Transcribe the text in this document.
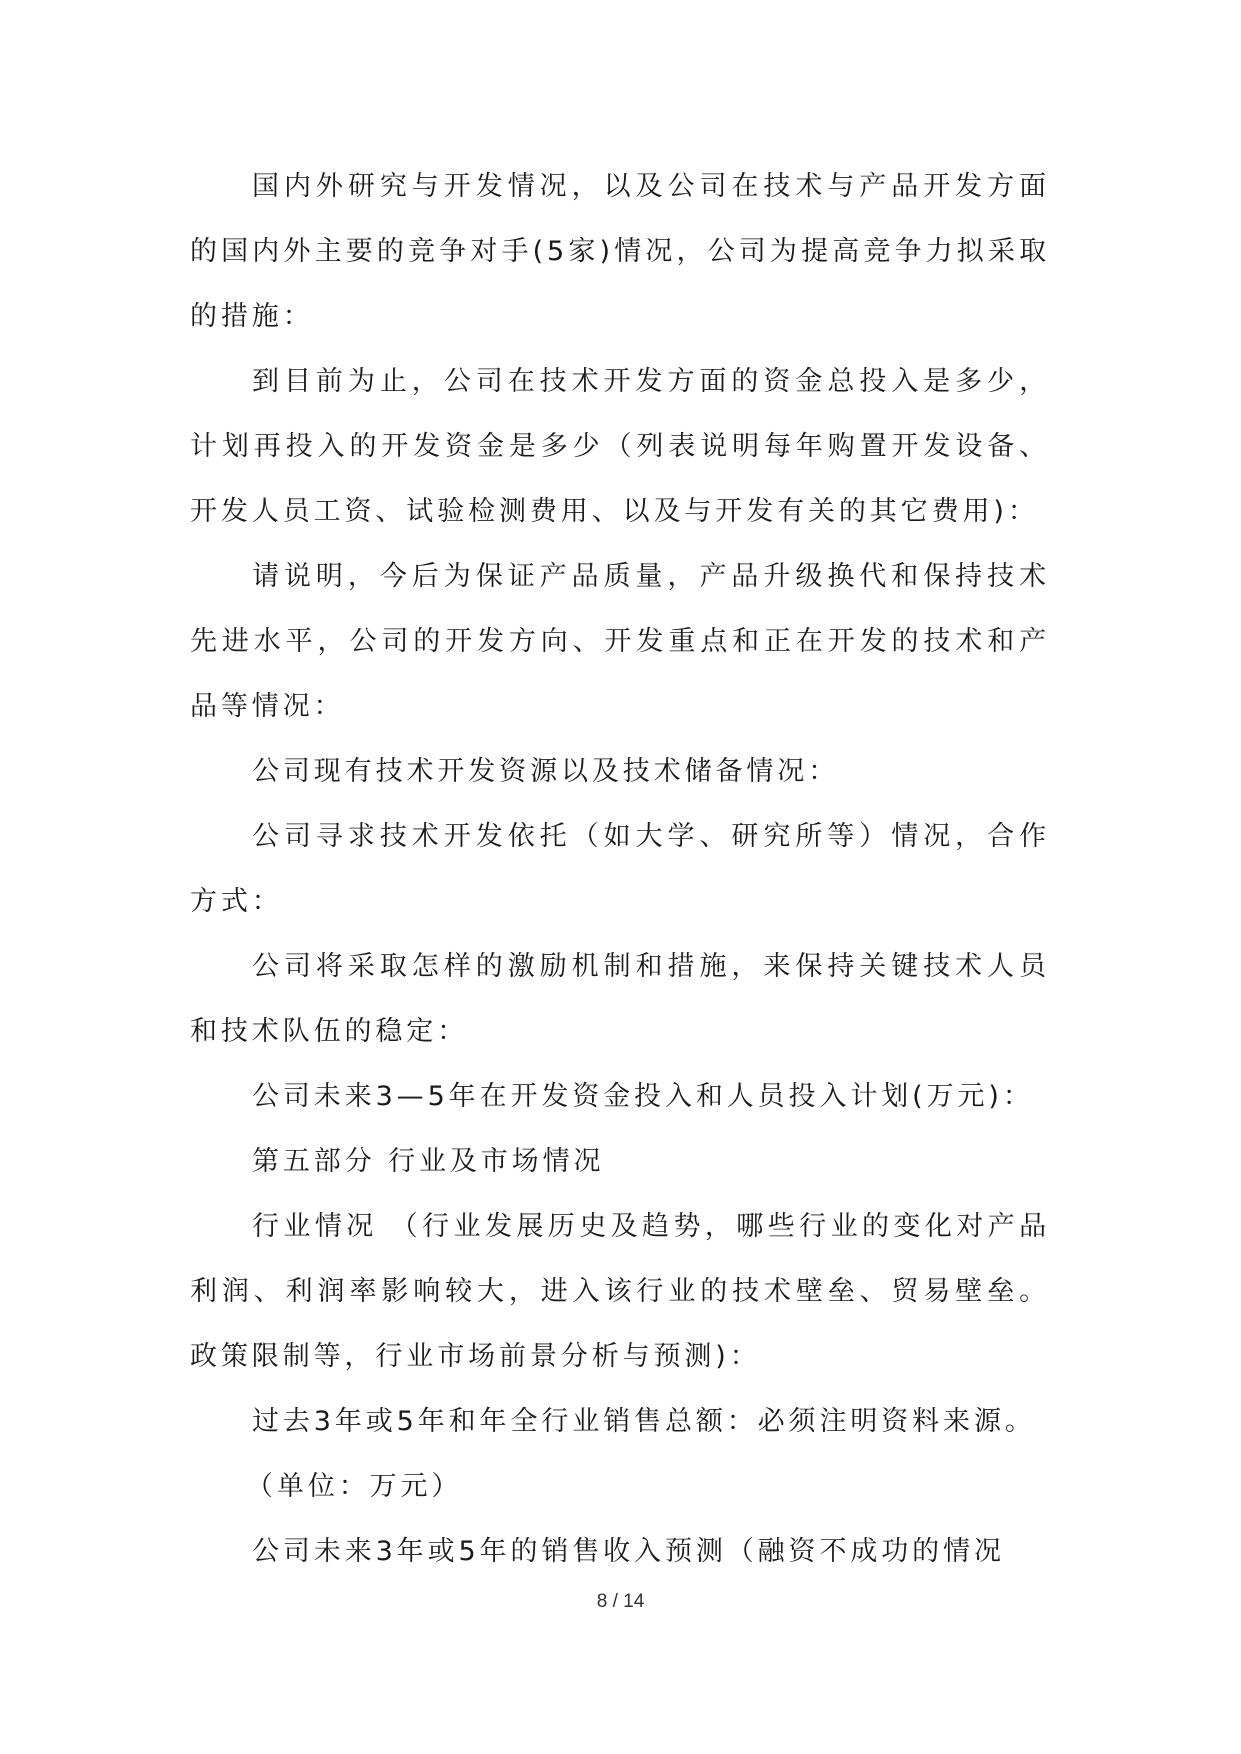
国内外研究与开发情况，以及公司在技术与产品开发方面的国内外主要的竞争对手(5家)情况，公司为提高竞争力拟采取的措施：

到目前为止，公司在技术开发方面的资金总投入是多少，计划再投入的开发资金是多少（列表说明每年购置开发设备、开发人员工资、试验检测费用、以及与开发有关的其它费用)：

请说明，今后为保证产品质量，产品升级换代和保持技术先进水平，公司的开发方向、开发重点和正在开发的技术和产品等情况：

公司现有技术开发资源以及技术储备情况：

公司寻求技术开发依托（如大学、研究所等）情况，合作方式：

公司将采取怎样的激励机制和措施，来保持关键技术人员和技术队伍的稳定：

公司未来3—5年在开发资金投入和人员投入计划(万元)：

第五部分 行业及市场情况

行业情况 （行业发展历史及趋势，哪些行业的变化对产品利润、利润率影响较大，进入该行业的技术壁垒、贸易壁垒。政策限制等，行业市场前景分析与预测)：

过去3年或5年和年全行业销售总额：必须注明资料来源。

（单位：万元）

公司未来3年或5年的销售收入预测（融资不成功的情况

8 / 14
